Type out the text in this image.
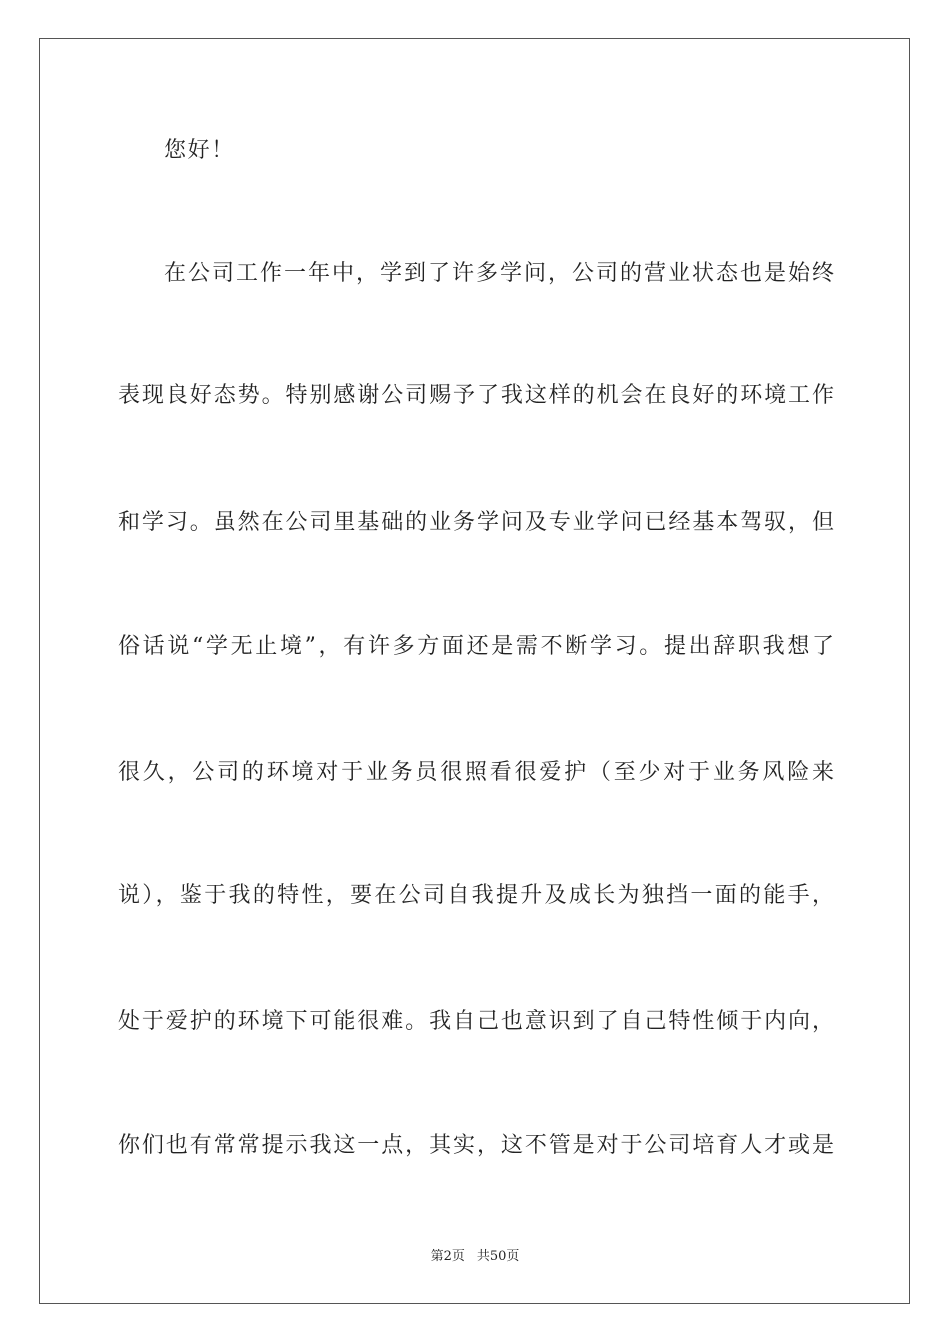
您好！
在公司工作一年中，学到了许多学问，公司的营业状态也是始终
表现良好态势。特别感谢公司赐予了我这样的机会在良好的环境工作
和学习。虽然在公司里基础的业务学问及专业学问已经基本驾驭，但
俗话说“学无止境”，有许多方面还是需不断学习。提出辞职我想了
很久，公司的环境对于业务员很照看很爱护（至少对于业务风险来
说），鉴于我的特性，要在公司自我提升及成长为独挡一面的能手，
处于爱护的环境下可能很难。我自己也意识到了自己特性倾于内向，
你们也有常常提示我这一点，其实，这不管是对于公司培育人才或是
第2页 共50页
